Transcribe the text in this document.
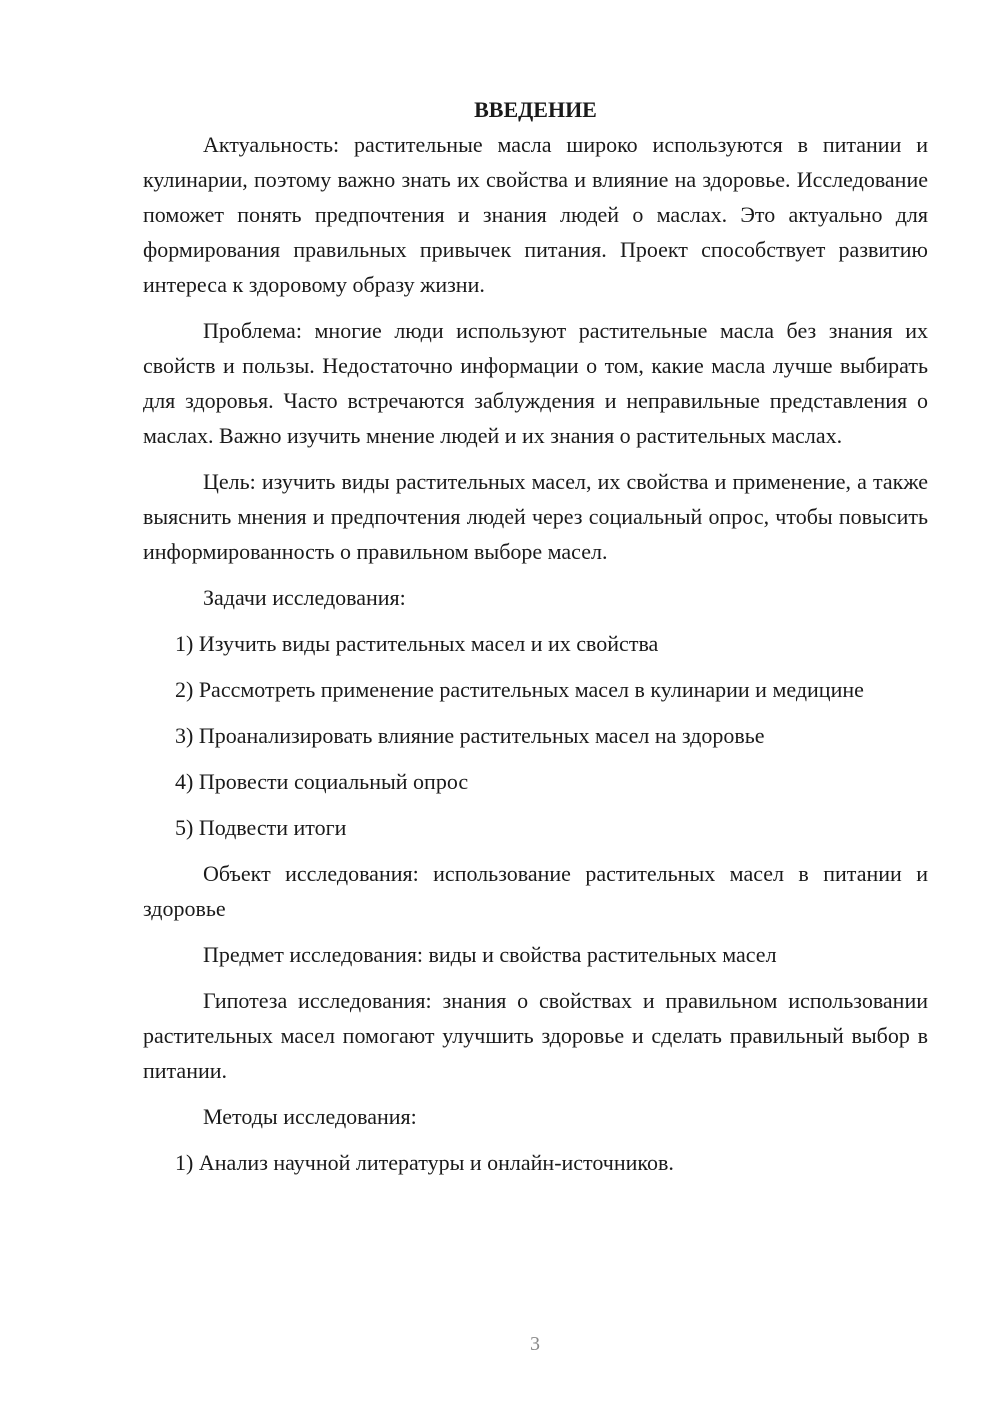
ВВЕДЕНИЕ

Актуальность: растительные масла широко используются в питании и кулинарии, поэтому важно знать их свойства и влияние на здоровье. Исследование поможет понять предпочтения и знания людей о маслах. Это актуально для формирования правильных привычек питания. Проект способствует развитию интереса к здоровому образу жизни.

Проблема: многие люди используют растительные масла без знания их свойств и пользы. Недостаточно информации о том, какие масла лучше выбирать для здоровья. Часто встречаются заблуждения и неправильные представления о маслах. Важно изучить мнение людей и их знания о растительных маслах.

Цель: изучить виды растительных масел, их свойства и применение, а также выяснить мнения и предпочтения людей через социальный опрос, чтобы повысить информированность о правильном выборе масел.

Задачи исследования:

1) Изучить виды растительных масел и их свойства

2) Рассмотреть применение растительных масел в кулинарии и медицине

3) Проанализировать влияние растительных масел на здоровье

4) Провести социальный опрос

5) Подвести итоги

Объект исследования: использование растительных масел в питании и здоровье

Предмет исследования: виды и свойства растительных масел

Гипотеза исследования: знания о свойствах и правильном использовании растительных масел помогают улучшить здоровье и сделать правильный выбор в питании.

Методы исследования:

1) Анализ научной литературы и онлайн-источников.

3
